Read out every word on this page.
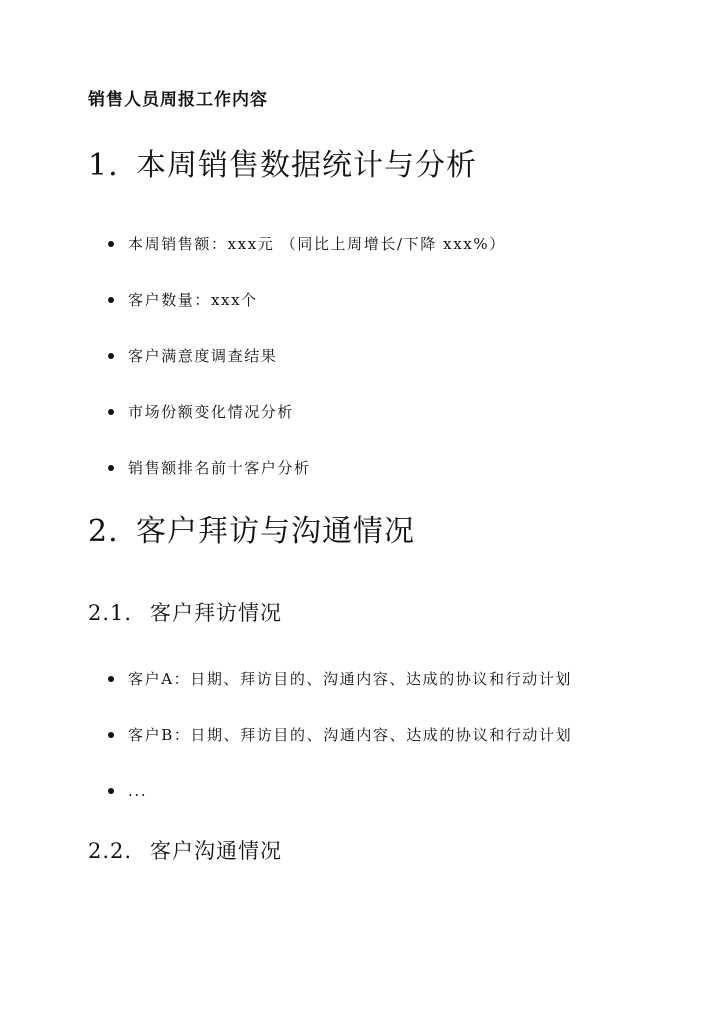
销售人员周报工作内容
1. 本周销售数据统计与分析
本周销售额：xxx元 （同比上周增长/下降 xxx%）
客户数量：xxx个
客户满意度调查结果
市场份额变化情况分析
销售额排名前十客户分析
2. 客户拜访与沟通情况
2.1. 客户拜访情况
客户A：日期、拜访目的、沟通内容、达成的协议和行动计划
客户B：日期、拜访目的、沟通内容、达成的协议和行动计划
...
2.2. 客户沟通情况
